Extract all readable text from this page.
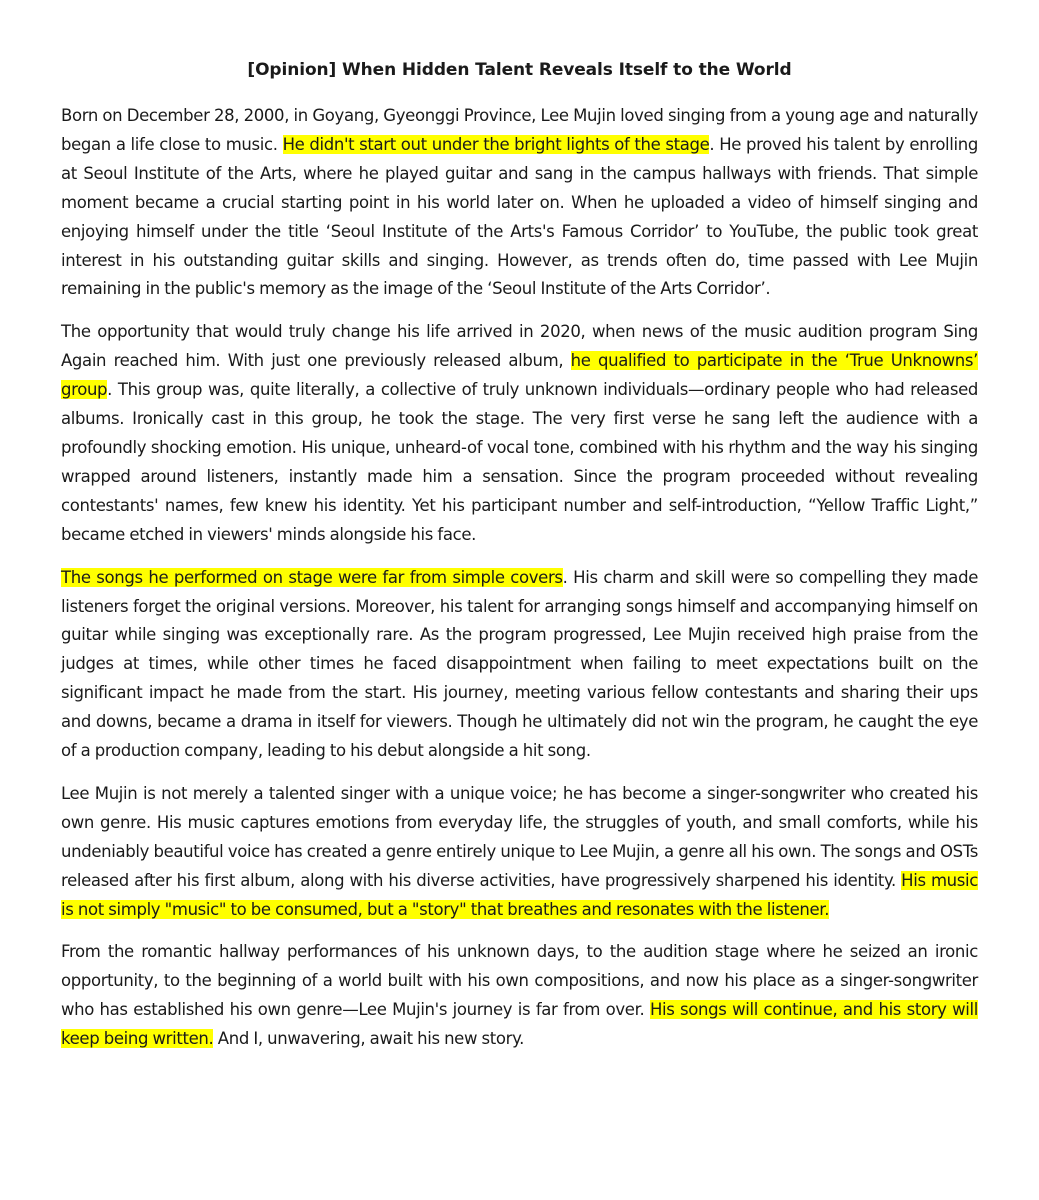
[Opinion] When Hidden Talent Reveals Itself to the World

Born on December 28, 2000, in Goyang, Gyeonggi Province, Lee Mujin loved singing from a young age and naturally began a life close to music. He didn't start out under the bright lights of the stage. He proved his talent by enrolling at Seoul Institute of the Arts, where he played guitar and sang in the campus hallways with friends. That simple moment became a crucial starting point in his world later on. When he uploaded a video of himself singing and enjoying himself under the title ‘Seoul Institute of the Arts's Famous Corridor’ to YouTube, the public took great interest in his outstanding guitar skills and singing. However, as trends often do, time passed with Lee Mujin remaining in the public's memory as the image of the ‘Seoul Institute of the Arts Corridor’.

The opportunity that would truly change his life arrived in 2020, when news of the music audition program Sing Again reached him. With just one previously released album, he qualified to participate in the ‘True Unknowns’ group. This group was, quite literally, a collective of truly unknown individuals—ordinary people who had released albums. Ironically cast in this group, he took the stage. The very first verse he sang left the audience with a profoundly shocking emotion. His unique, unheard-of vocal tone, combined with his rhythm and the way his singing wrapped around listeners, instantly made him a sensation. Since the program proceeded without revealing contestants' names, few knew his identity. Yet his participant number and self-introduction, “Yellow Traffic Light,” became etched in viewers' minds alongside his face.

The songs he performed on stage were far from simple covers. His charm and skill were so compelling they made listeners forget the original versions. Moreover, his talent for arranging songs himself and accompanying himself on guitar while singing was exceptionally rare. As the program progressed, Lee Mujin received high praise from the judges at times, while other times he faced disappointment when failing to meet expectations built on the significant impact he made from the start. His journey, meeting various fellow contestants and sharing their ups and downs, became a drama in itself for viewers. Though he ultimately did not win the program, he caught the eye of a production company, leading to his debut alongside a hit song.

Lee Mujin is not merely a talented singer with a unique voice; he has become a singer-songwriter who created his own genre. His music captures emotions from everyday life, the struggles of youth, and small comforts, while his undeniably beautiful voice has created a genre entirely unique to Lee Mujin, a genre all his own. The songs and OSTs released after his first album, along with his diverse activities, have progressively sharpened his identity. His music is not simply "music" to be consumed, but a "story" that breathes and resonates with the listener.

From the romantic hallway performances of his unknown days, to the audition stage where he seized an ironic opportunity, to the beginning of a world built with his own compositions, and now his place as a singer-songwriter who has established his own genre—Lee Mujin's journey is far from over. His songs will continue, and his story will keep being written. And I, unwavering, await his new story.
